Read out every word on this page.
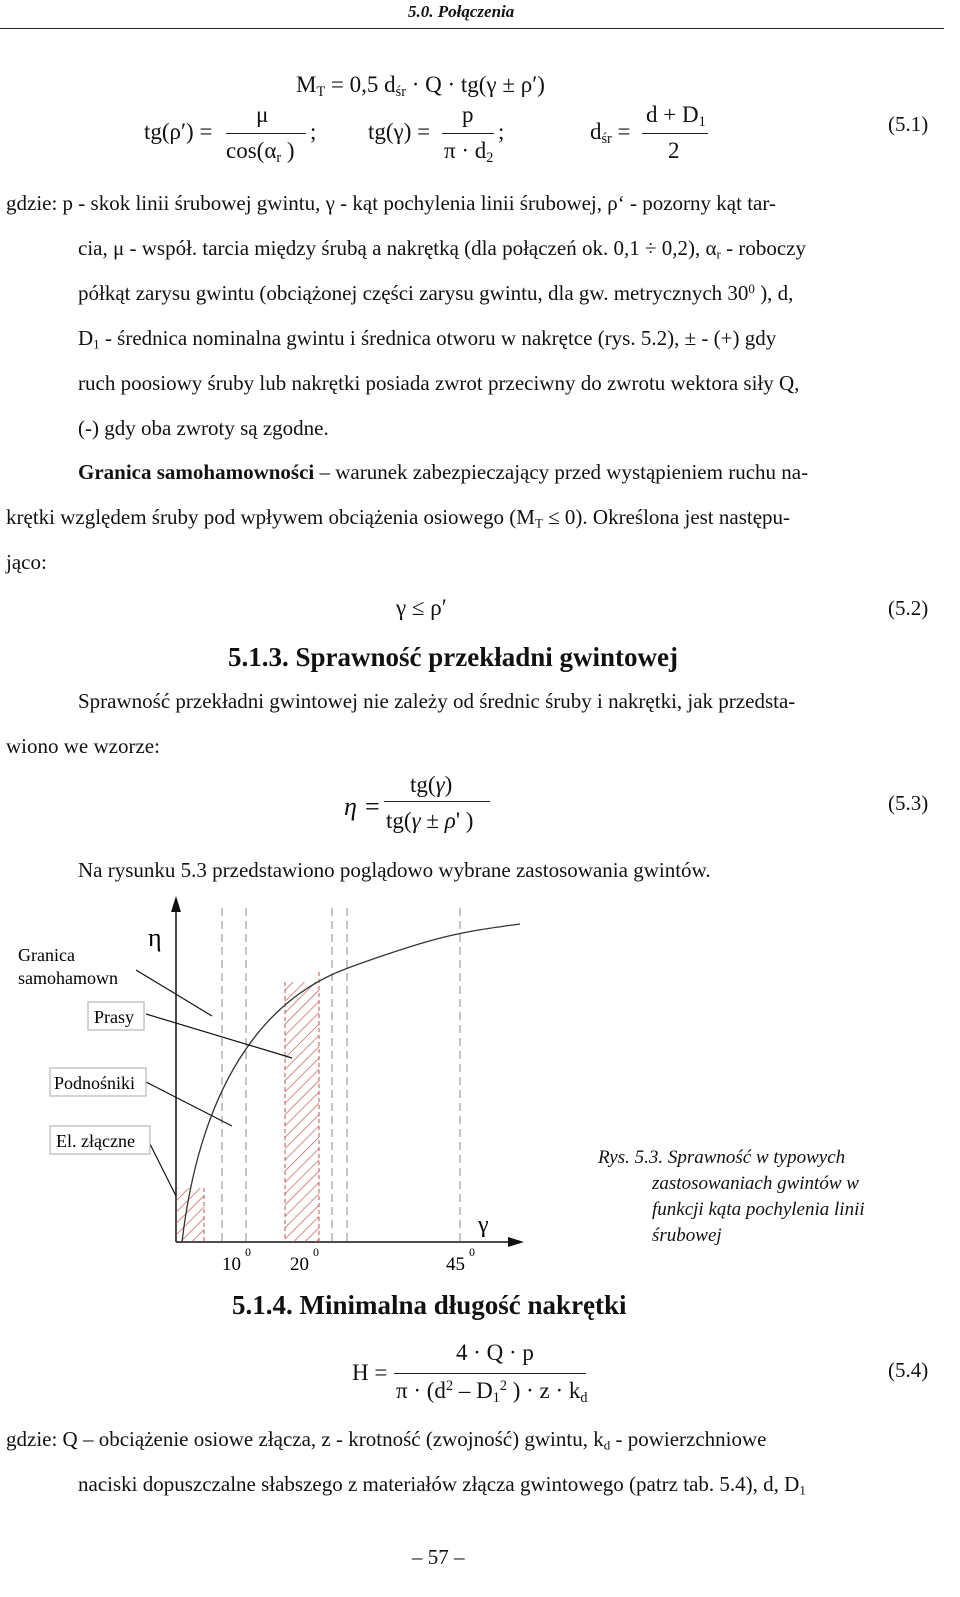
5.0. Połączenia
$M_T = 0,5$ $d_{śr} \cdot Q \cdot tg(\gamma \pm \rho')$
tg(ρ′) =
μ
$\cos(\alpha_r$ )
; tg(γ) =
p
$\pi \cdot d_2$
;	$d_{śr}$ =
$d + D_1$
2
(5.1)
gdzie: p - skok linii śrubowej gwintu, γ - kąt pochylenia linii śrubowej, ρ‘ - pozorny kąt tar-
cia, μ - współ. tarcia między śrubą a nakrętką (dla połączeń ok. 0,1 ÷ 0,2), $\alpha_r$ - roboczy
półkąt zarysu gwintu (obciążonej części zarysu gwintu, dla gw. metrycznych $30^0$ ), d,
$D_1$ - średnica nominalna gwintu i średnica otworu w nakrętce (rys. 5.2), ± - (+) gdy
ruch poosiowy śruby lub nakrętki posiada zwrot przeciwny do zwrotu wektora siły Q,
(-) gdy oba zwroty są zgodne.
Granica samohamowności – warunek zabezpieczający przed wystąpieniem ruchu na-
krętki względem śruby pod wpływem obciążenia osiowego $(M_T \le 0)$. Określona jest następu-
jąco:
γ ≤ ρ′	(5.2)
5.1.3. Sprawność przekładni gwintowej
Sprawność przekładni gwintowej nie zależy od średnic śruby i nakrętki, jak przedsta-
wiono we wzorze:
η =
tg(γ)
tg(γ ± ρ' )
(5.3)
Na rysunku 5.3 przedstawiono poglądowo wybrane zastosowania gwintów.
Granica
samohamown
Prasy
Podnośniki
El. złączne
η
γ
10
0
20
0
45
0
Rys. 5.3. Sprawność w typowych
zastosowaniach gwintów w
funkcji kąta pochylenia linii
śrubowej
5.1.4. Minimalna długość nakrętki
H =
4 · Q · p
$\pi \cdot (d^2 - D_1^2$ ) · $z \cdot k_d$
(5.4)
gdzie: Q – obciążenie osiowe złącza, z - krotność (zwojność) gwintu, $k_d$ - powierzchniowe
naciski dopuszczalne słabszego z materiałów złącza gwintowego (patrz tab. 5.4), d, $D_1$
– 57 –
